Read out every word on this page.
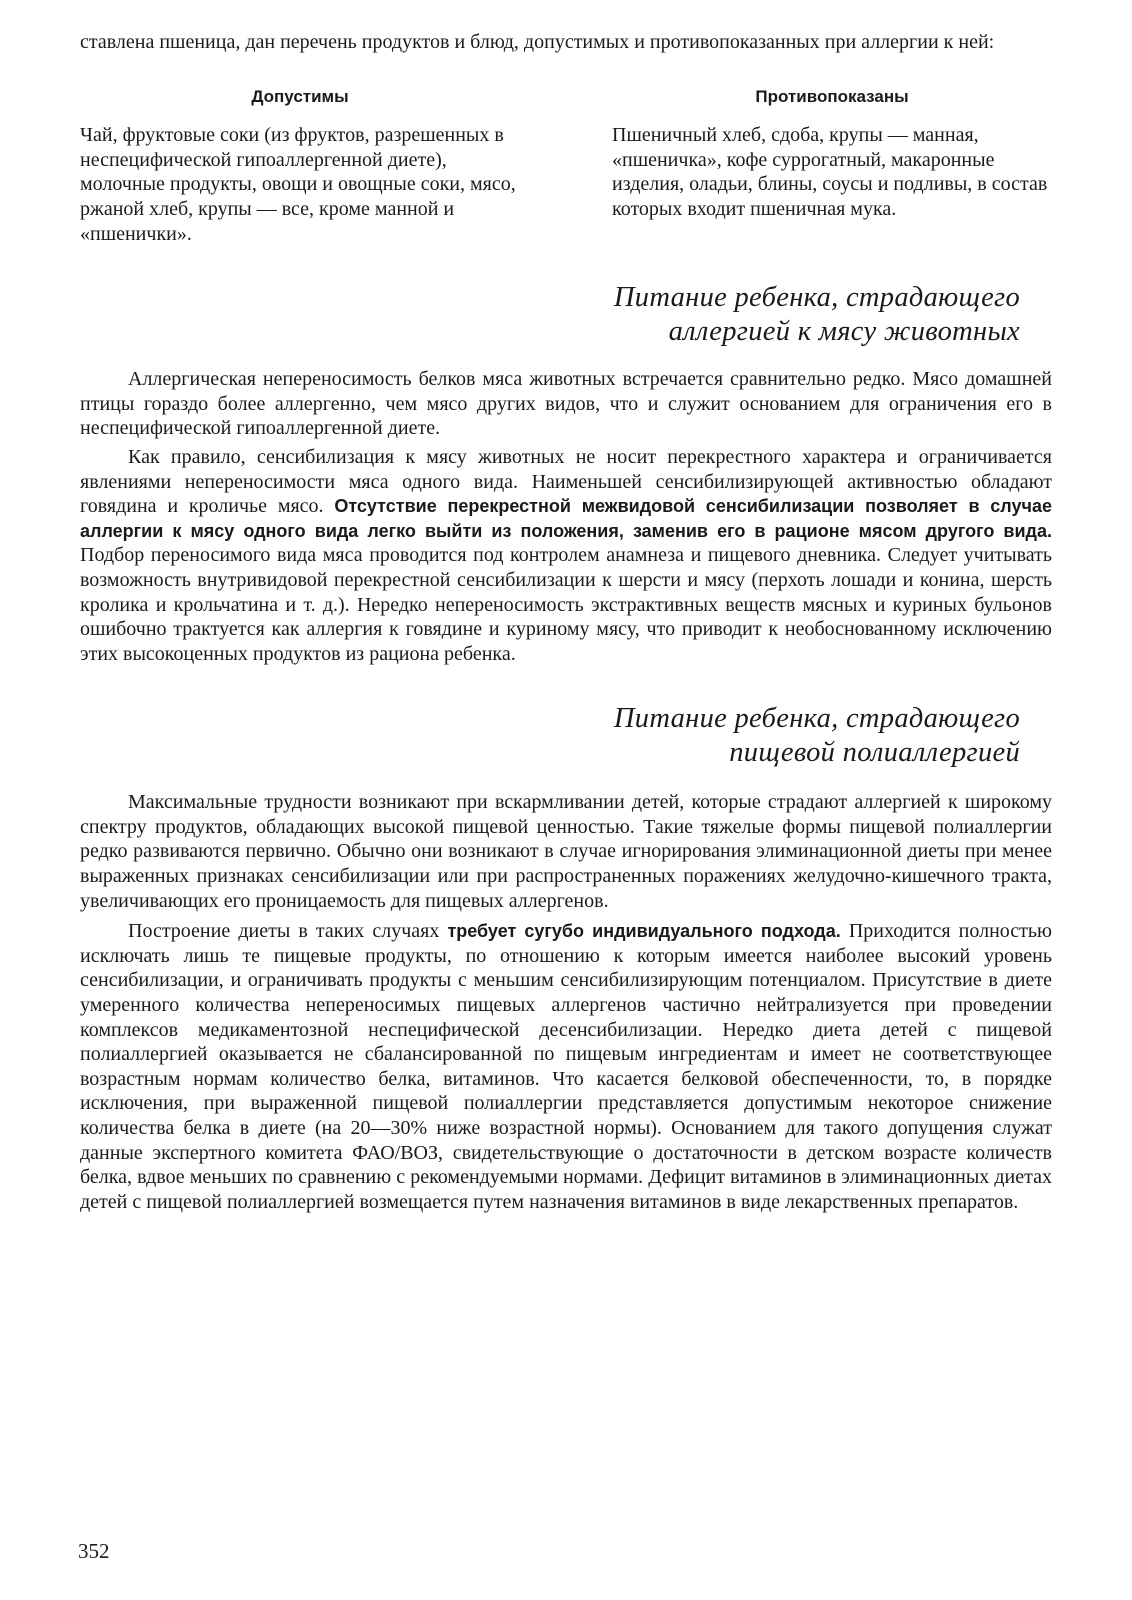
ставлена пшеница, дан перечень продуктов и блюд, допустимых и противопоказанных при аллергии к ней:

Допустимы

Чай, фруктовые соки (из фруктов, разрешенных в неспецифической гипоаллергенной диете), молочные продукты, овощи и овощные соки, мясо, ржаной хлеб, крупы — все, кроме манной и «пшенички».

Противопоказаны

Пшеничный хлеб, сдоба, крупы — манная, «пшеничка», кофе суррогатный, макаронные изделия, оладьи, блины, соусы и подливы, в состав которых входит пшеничная мука.

Питание ребенка, страдающего
аллергией к мясу животных

Аллергическая непереносимость белков мяса животных встречается сравнительно редко. Мясо домашней птицы гораздо более аллергенно, чем мясо других видов, что и служит основанием для ограничения его в неспецифической гипоаллергенной диете.

Как правило, сенсибилизация к мясу животных не носит перекрестного характера и ограничивается явлениями непереносимости мяса одного вида. Наименьшей сенсибилизирующей активностью обладают говядина и кроличье мясо. Отсутствие перекрестной межвидовой сенсибилизации позволяет в случае аллергии к мясу одного вида легко выйти из положения, заменив его в рационе мясом другого вида. Подбор переносимого вида мяса проводится под контролем анамнеза и пищевого дневника. Следует учитывать возможность внутривидовой перекрестной сенсибилизации к шерсти и мясу (перхоть лошади и конина, шерсть кролика и крольчатина и т. д.). Нередко непереносимость экстрактивных веществ мясных и куриных бульонов ошибочно трактуется как аллергия к говядине и куриному мясу, что приводит к необоснованному исключению этих высокоценных продуктов из рациона ребенка.

Питание ребенка, страдающего
пищевой полиаллергией

Максимальные трудности возникают при вскармливании детей, которые страдают аллергией к широкому спектру продуктов, обладающих высокой пищевой ценностью. Такие тяжелые формы пищевой полиаллергии редко развиваются первично. Обычно они возникают в случае игнорирования элиминационной диеты при менее выраженных признаках сенсибилизации или при распространенных поражениях желудочно-кишечного тракта, увеличивающих его проницаемость для пищевых аллергенов.

Построение диеты в таких случаях требует сугубо индивидуального подхода. Приходится полностью исключать лишь те пищевые продукты, по отношению к которым имеется наиболее высокий уровень сенсибилизации, и ограничивать продукты с меньшим сенсибилизирующим потенциалом. Присутствие в диете умеренного количества непереносимых пищевых аллергенов частично нейтрализуется при проведении комплексов медикаментозной неспецифической десенсибилизации. Нередко диета детей с пищевой полиаллергией оказывается не сбалансированной по пищевым ингредиентам и имеет не соответствующее возрастным нормам количество белка, витаминов. Что касается белковой обеспеченности, то, в порядке исключения, при выраженной пищевой полиаллергии представляется допустимым некоторое снижение количества белка в диете (на 20—30% ниже возрастной нормы). Основанием для такого допущения служат данные экспертного комитета ФАО/ВОЗ, свидетельствующие о достаточности в детском возрасте количеств белка, вдвое меньших по сравнению с рекомендуемыми нормами. Дефицит витаминов в элиминационных диетах детей с пищевой полиаллергией возмещается путем назначения витаминов в виде лекарственных препаратов.

352
